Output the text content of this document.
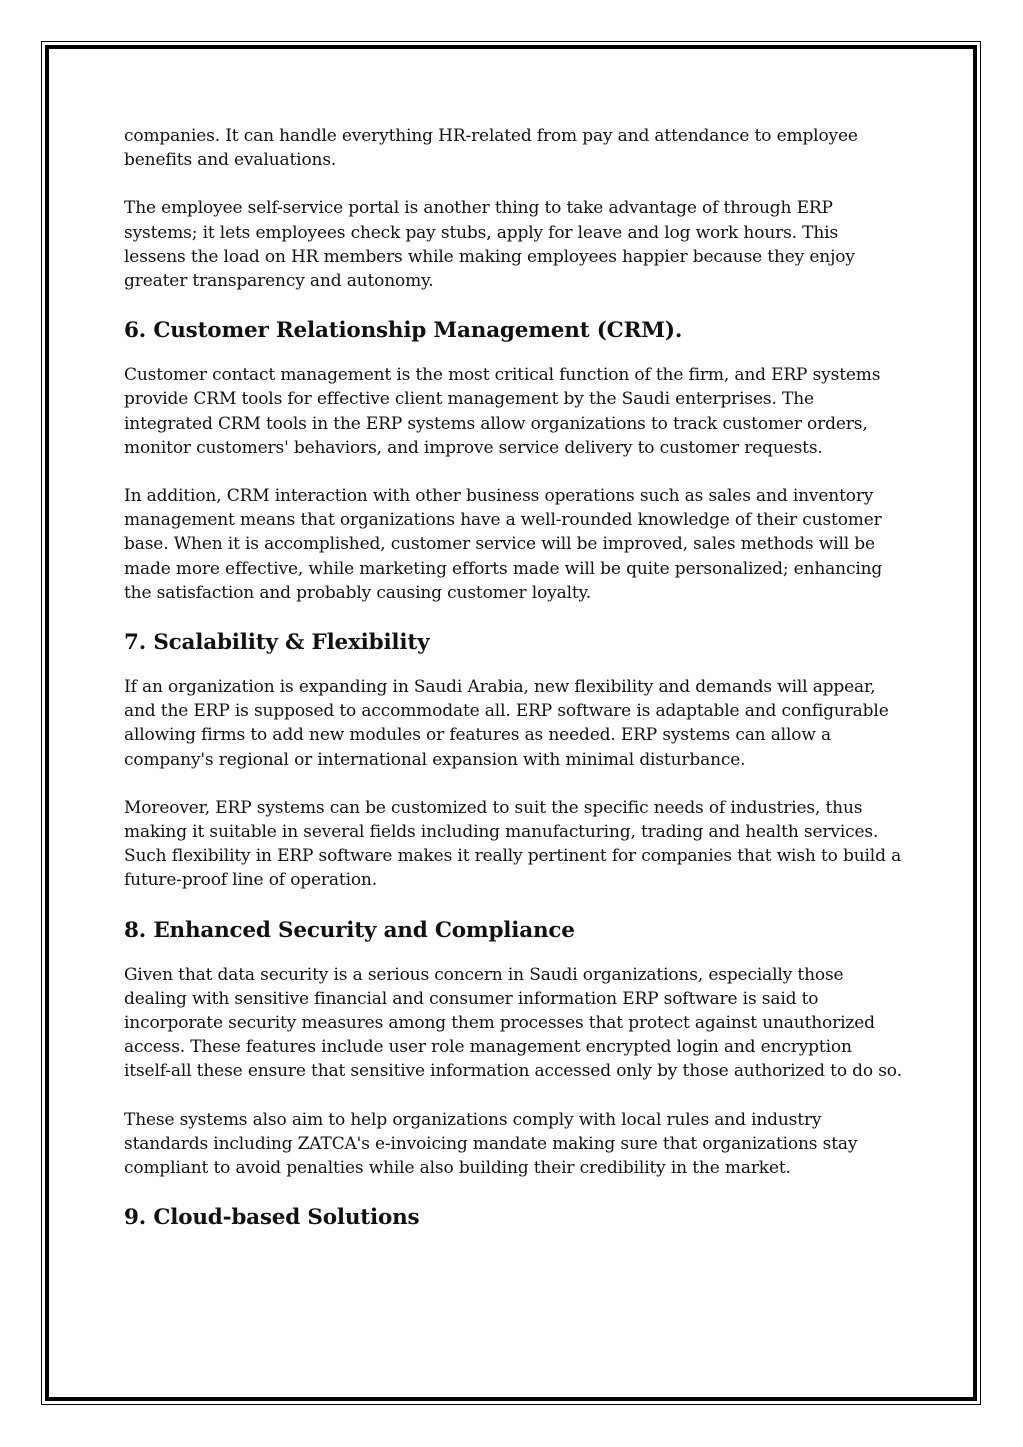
companies. It can handle everything HR-related from pay and attendance to employee benefits and evaluations.

The employee self-service portal is another thing to take advantage of through ERP systems; it lets employees check pay stubs, apply for leave and log work hours. This lessens the load on HR members while making employees happier because they enjoy greater transparency and autonomy.

6. Customer Relationship Management (CRM).

Customer contact management is the most critical function of the firm, and ERP systems provide CRM tools for effective client management by the Saudi enterprises. The integrated CRM tools in the ERP systems allow organizations to track customer orders, monitor customers' behaviors, and improve service delivery to customer requests.

In addition, CRM interaction with other business operations such as sales and inventory management means that organizations have a well-rounded knowledge of their customer base. When it is accomplished, customer service will be improved, sales methods will be made more effective, while marketing efforts made will be quite personalized; enhancing the satisfaction and probably causing customer loyalty.

7. Scalability & Flexibility

If an organization is expanding in Saudi Arabia, new flexibility and demands will appear, and the ERP is supposed to accommodate all. ERP software is adaptable and configurable allowing firms to add new modules or features as needed. ERP systems can allow a company's regional or international expansion with minimal disturbance.

Moreover, ERP systems can be customized to suit the specific needs of industries, thus making it suitable in several fields including manufacturing, trading and health services. Such flexibility in ERP software makes it really pertinent for companies that wish to build a future-proof line of operation.

8. Enhanced Security and Compliance

Given that data security is a serious concern in Saudi organizations, especially those dealing with sensitive financial and consumer information ERP software is said to incorporate security measures among them processes that protect against unauthorized access. These features include user role management encrypted login and encryption itself-all these ensure that sensitive information accessed only by those authorized to do so.

These systems also aim to help organizations comply with local rules and industry standards including ZATCA's e-invoicing mandate making sure that organizations stay compliant to avoid penalties while also building their credibility in the market.

9. Cloud-based Solutions
